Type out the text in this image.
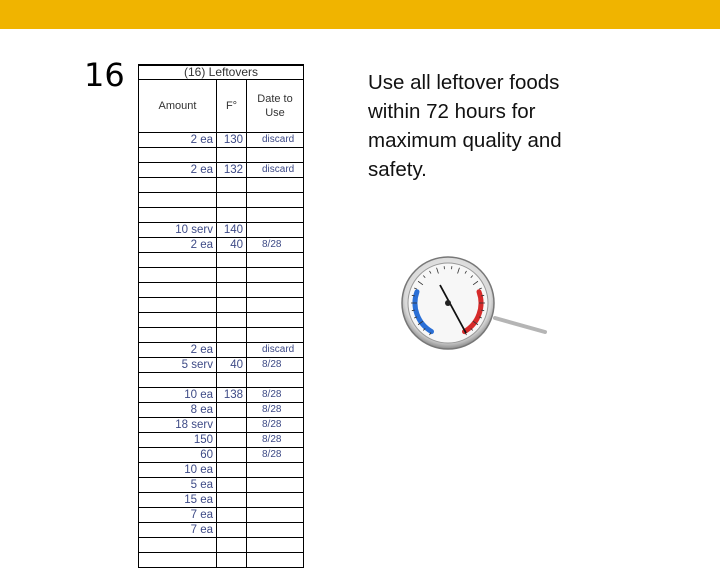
16	(16) Leftovers		
Amount	F°	Date to Use
2 ea	130	discard

2 ea	132	discard

10 serv	140	
2 ea	40	8/28

2 ea		discard
5 serv	40	8/28

10 ea	138	8/28
8 ea		8/28
18 serv		8/28
150		8/28
60		8/28
10 ea		
5 ea		
15 ea		
7 ea		
7 ea		

Use all leftover foods within 72 hours for maximum quality and safety.
